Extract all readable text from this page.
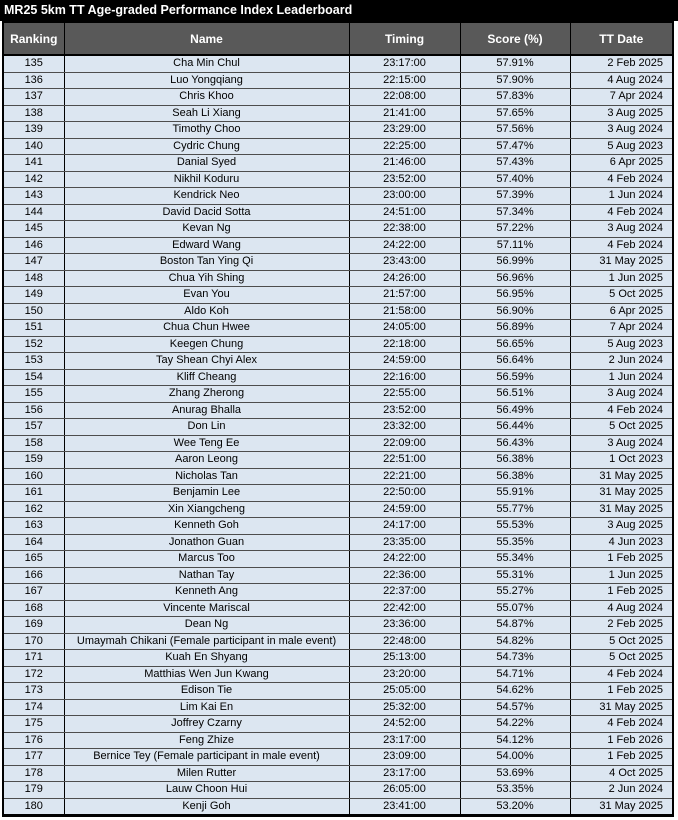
MR25 5km TT Age-graded Performance Index Leaderboard
Ranking	Name	Timing	Score (%)	TT Date
135	Cha Min Chul	23:17:00	57.91%	2 Feb 2025
136	Luo Yongqiang	22:15:00	57.90%	4 Aug 2024
137	Chris Khoo	22:08:00	57.83%	7 Apr 2024
138	Seah Li Xiang	21:41:00	57.65%	3 Aug 2025
139	Timothy Choo	23:29:00	57.56%	3 Aug 2024
140	Cydric Chung	22:25:00	57.47%	5 Aug 2023
141	Danial Syed	21:46:00	57.43%	6 Apr 2025
142	Nikhil Koduru	23:52:00	57.40%	4 Feb 2024
143	Kendrick Neo	23:00:00	57.39%	1 Jun 2024
144	David Dacid Sotta	24:51:00	57.34%	4 Feb 2024
145	Kevan Ng	22:38:00	57.22%	3 Aug 2024
146	Edward Wang	24:22:00	57.11%	4 Feb 2024
147	Boston Tan Ying Qi	23:43:00	56.99%	31 May 2025
148	Chua Yih Shing	24:26:00	56.96%	1 Jun 2025
149	Evan You	21:57:00	56.95%	5 Oct 2025
150	Aldo Koh	21:58:00	56.90%	6 Apr 2025
151	Chua Chun Hwee	24:05:00	56.89%	7 Apr 2024
152	Keegen Chung	22:18:00	56.65%	5 Aug 2023
153	Tay Shean Chyi Alex	24:59:00	56.64%	2 Jun 2024
154	Kliff Cheang	22:16:00	56.59%	1 Jun 2024
155	Zhang Zherong	22:55:00	56.51%	3 Aug 2024
156	Anurag Bhalla	23:52:00	56.49%	4 Feb 2024
157	Don Lin	23:32:00	56.44%	5 Oct 2025
158	Wee Teng Ee	22:09:00	56.43%	3 Aug 2024
159	Aaron Leong	22:51:00	56.38%	1 Oct 2023
160	Nicholas Tan	22:21:00	56.38%	31 May 2025
161	Benjamin Lee	22:50:00	55.91%	31 May 2025
162	Xin Xiangcheng	24:59:00	55.77%	31 May 2025
163	Kenneth Goh	24:17:00	55.53%	3 Aug 2025
164	Jonathon Guan	23:35:00	55.35%	4 Jun 2023
165	Marcus Too	24:22:00	55.34%	1 Feb 2025
166	Nathan Tay	22:36:00	55.31%	1 Jun 2025
167	Kenneth Ang	22:37:00	55.27%	1 Feb 2025
168	Vincente Mariscal	22:42:00	55.07%	4 Aug 2024
169	Dean Ng	23:36:00	54.87%	2 Feb 2025
170	Umaymah Chikani (Female participant in male event)	22:48:00	54.82%	5 Oct 2025
171	Kuah En Shyang	25:13:00	54.73%	5 Oct 2025
172	Matthias Wen Jun Kwang	23:20:00	54.71%	4 Feb 2024
173	Edison Tie	25:05:00	54.62%	1 Feb 2025
174	Lim Kai En	25:32:00	54.57%	31 May 2025
175	Joffrey Czarny	24:52:00	54.22%	4 Feb 2024
176	Feng Zhize	23:17:00	54.12%	1 Feb 2026
177	Bernice Tey (Female participant in male event)	23:09:00	54.00%	1 Feb 2025
178	Milen Rutter	23:17:00	53.69%	4 Oct 2025
179	Lauw Choon Hui	26:05:00	53.35%	2 Jun 2024
180	Kenji Goh	23:41:00	53.20%	31 May 2025
